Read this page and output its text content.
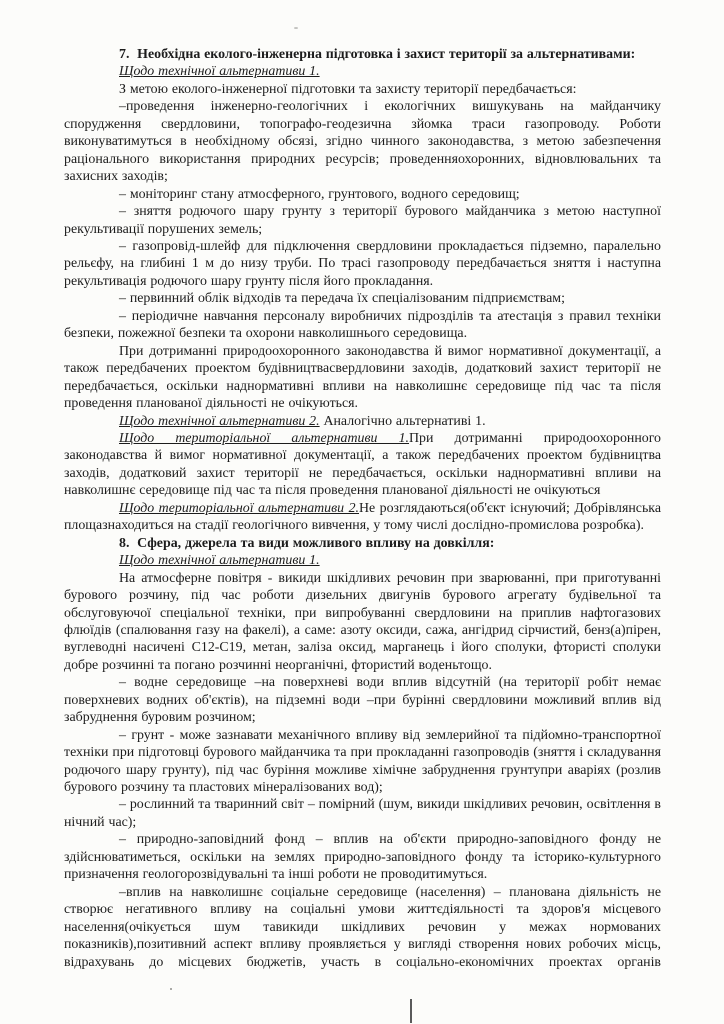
7.  Необхідна еколого-інженерна підготовка і захист території за альтернативами:

Щодо технічної альтернативи 1.

З метою еколого-інженерної підготовки та захисту території передбачається:

–проведення інженерно-геологічних і екологічних вишукувань на майданчику спорудження свердловини, топографо-геодезична зйомка траси газопроводу. Роботи виконуватимуться в необхідному обсязі, згідно чинного законодавства, з метою забезпечення раціонального використання природних ресурсів; проведенняохоронних, відновлювальних та захисних заходів;

– моніторинг стану атмосферного, грунтового, водного середовищ;

– зняття родючого шару грунту з території бурового майданчика з метою наступної рекультивації порушених земель;

– газопровід-шлейф для підключення свердловини прокладається підземно, паралельно рельєфу, на глибині 1 м до низу труби. По трасі газопроводу передбачається зняття і наступна рекультивація родючого шару грунту після його прокладання.

– первинний облік відходів та передача їх спеціалізованим підприємствам;

– періодичне навчання персоналу виробничих підрозділів та атестація з правил техніки безпеки, пожежної безпеки та охорони навколишнього середовища.

При дотриманні природоохоронного законодавства й вимог нормативної документації, а також передбачених проектом будівництвасвердловини заходів, додатковий захист території не передбачається, оскільки наднормативні впливи на навколишнє середовище під час та після проведення планованої діяльності не очікуються.

Щодо технічної альтернативи 2. Аналогічно альтернативі 1.

Щодо територіальної альтернативи 1.При дотриманні природоохоронного законодавства й вимог нормативної документації, а також передбачених проектом будівництва заходів, додатковий захист території не передбачається, оскільки наднормативні впливи на навколишнє середовище під час та після проведення планованої діяльності не очікуються

Щодо територіальної альтернативи 2.Не розглядаються(об'єкт існуючий; Добрівлянська площазнаходиться на стадії геологічного вивчення, у тому числі дослідно-промислова розробка).

8.  Сфера, джерела та види можливого впливу на довкілля:

Щодо технічної альтернативи 1.

На атмосферне повітря - викиди шкідливих речовин при зварюванні, при приготуванні бурового розчину, під час роботи дизельних двигунів бурового агрегату будівельної та обслуговуючої спеціальної техніки, при випробуванні свердловини на приплив нафтогазових флюїдів (спалювання газу на факелі), а саме: азоту оксиди, сажа, ангідрид сірчистий, бенз(а)пірен, вуглеводні насичені С12-С19, метан, заліза оксид, марганець і його сполуки, фтористі сполуки добре розчинні та погано розчинні неорганічні, фтористий воденьтощо.

– водне середовище –на поверхневі води вплив відсутній (на території робіт немає поверхневих водних об'єктів), на підземні води –при бурінні свердловини можливий вплив від забруднення буровим розчином;

– грунт - може зазнавати механічного впливу від землерийної та підйомно-транспортної техніки при підготовці бурового майданчика та при прокладанні газопроводів (зняття і складування родючого шару грунту), під час буріння можливе хімічне забруднення грунтупри аваріях (розлив бурового розчину та пластових мінералізованих вод);

– рослинний та тваринний світ – помірний (шум, викиди шкідливих речовин, освітлення в нічний час);

– природно-заповідний фонд – вплив на об'єкти природно-заповідного фонду не здійснюватиметься, оскільки на землях природно-заповідного фонду та історико-культурного призначення геологорозвідувальні та інші роботи не проводитимуться.

–вплив на навколишнє соціальне середовище (населення) – планована діяльність не створює негативного впливу на соціальні умови життєдіяльності та здоров'я місцевого населення(очікується шум тавикиди шкідливих речовин у межах нормованих показників),позитивний аспект впливу проявляється у вигляді створення нових робочих місць, відрахувань до місцевих бюджетів, участь в соціально-економічних проектах органів
